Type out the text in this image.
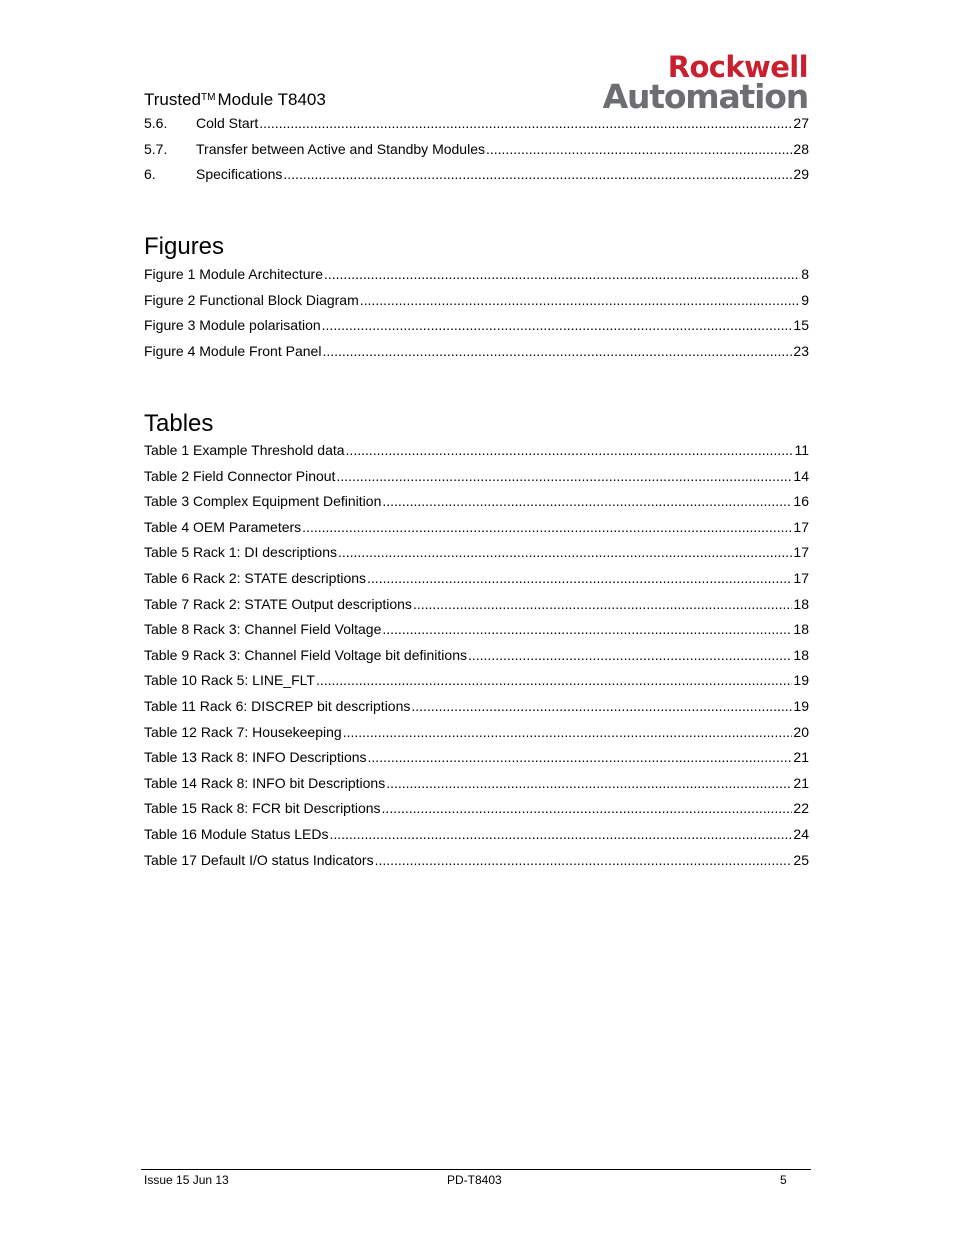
Trusted™ Module T8403
Rockwell
Automation
5.6.	Cold Start .....	27
5.7.	Transfer between Active and Standby Modules .....	28
6.	Specifications .....	29
Figures
Figure 1 Module Architecture .....	8
Figure 2 Functional Block Diagram .....	9
Figure 3 Module polarisation .....	15
Figure 4 Module Front Panel .....	23
Tables
Table 1 Example Threshold data .....	11
Table 2 Field Connector Pinout .....	14
Table 3 Complex Equipment Definition .....	16
Table 4 OEM Parameters .....	17
Table 5 Rack 1: DI descriptions .....	17
Table 6 Rack 2: STATE descriptions .....	17
Table 7 Rack 2: STATE Output descriptions .....	18
Table 8 Rack 3: Channel Field Voltage .....	18
Table 9 Rack 3: Channel Field Voltage bit definitions .....	18
Table 10 Rack 5: LINE_FLT .....	19
Table 11 Rack 6: DISCREP bit descriptions .....	19
Table 12 Rack 7: Housekeeping .....	20
Table 13 Rack 8: INFO Descriptions .....	21
Table 14 Rack 8: INFO bit Descriptions .....	21
Table 15 Rack 8: FCR bit Descriptions .....	22
Table 16 Module Status LEDs .....	24
Table 17 Default I/O status Indicators .....	25
Issue 15 Jun 13	PD-T8403	5
